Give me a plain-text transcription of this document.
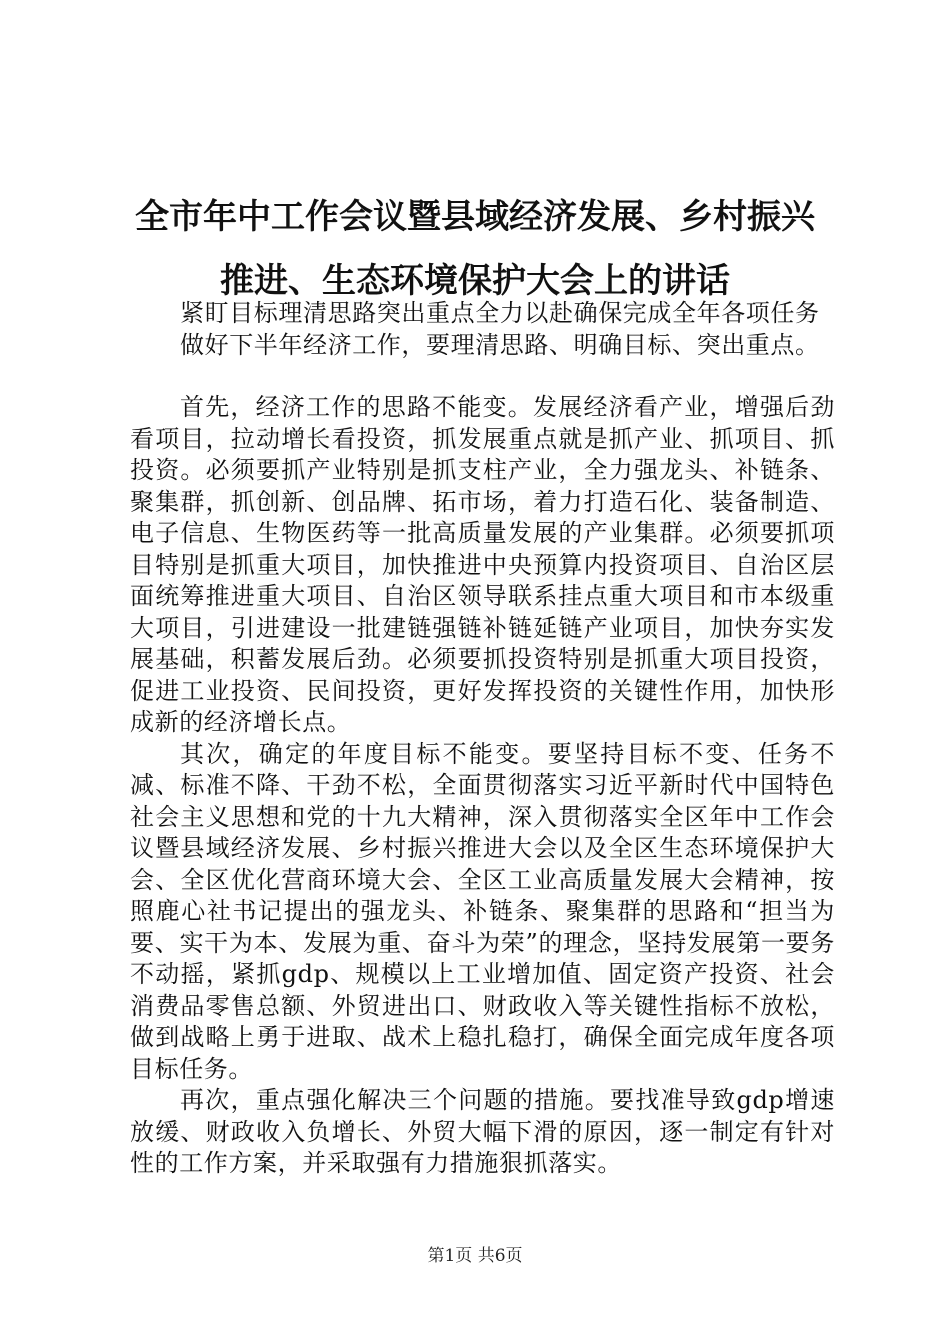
全市年中工作会议暨县域经济发展、乡村振兴
推进、生态环境保护大会上的讲话

紧盯目标理清思路突出重点全力以赴确保完成全年各项任务

做好下半年经济工作，要理清思路、明确目标、突出重点。

首先，经济工作的思路不能变。发展经济看产业，增强后劲看项目，拉动增长看投资，抓发展重点就是抓产业、抓项目、抓投资。必须要抓产业特别是抓支柱产业，全力强龙头、补链条、聚集群，抓创新、创品牌、拓市场，着力打造石化、装备制造、电子信息、生物医药等一批高质量发展的产业集群。必须要抓项目特别是抓重大项目，加快推进中央预算内投资项目、自治区层面统筹推进重大项目、自治区领导联系挂点重大项目和市本级重大项目，引进建设一批建链强链补链延链产业项目，加快夯实发展基础，积蓄发展后劲。必须要抓投资特别是抓重大项目投资，促进工业投资、民间投资，更好发挥投资的关键性作用，加快形成新的经济增长点。

其次，确定的年度目标不能变。要坚持目标不变、任务不减、标准不降、干劲不松，全面贯彻落实习近平新时代中国特色社会主义思想和党的十九大精神，深入贯彻落实全区年中工作会议暨县域经济发展、乡村振兴推进大会以及全区生态环境保护大会、全区优化营商环境大会、全区工业高质量发展大会精神，按照鹿心社书记提出的强龙头、补链条、聚集群的思路和“担当为要、实干为本、发展为重、奋斗为荣”的理念，坚持发展第一要务不动摇，紧抓gdp、规模以上工业增加值、固定资产投资、社会消费品零售总额、外贸进出口、财政收入等关键性指标不放松，做到战略上勇于进取、战术上稳扎稳打，确保全面完成年度各项目标任务。

再次，重点强化解决三个问题的措施。要找准导致gdp增速放缓、财政收入负增长、外贸大幅下滑的原因，逐一制定有针对性的工作方案，并采取强有力措施狠抓落实。

第1页 共6页
